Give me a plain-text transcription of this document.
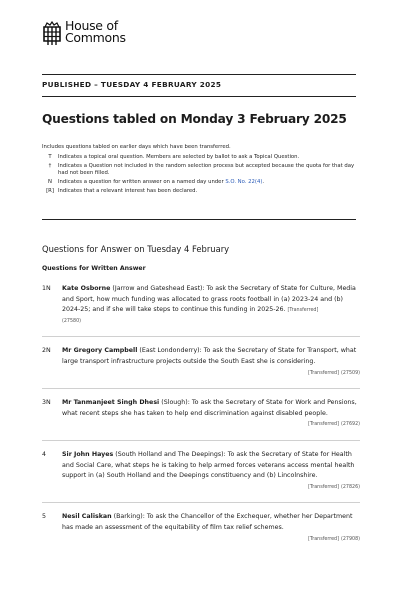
House of
Commons
PUBLISHED – TUESDAY 4 FEBRUARY 2025
Questions tabled on Monday 3 February 2025
Includes questions tabled on earlier days which have been transferred.
T	Indicates a topical oral question. Members are selected by ballot to ask a Topical Question.
†	Indicates a Question not included in the random selection process but accepted because the quota for that day had not been filled.
N	Indicates a question for written answer on a named day under S.O. No. 22(4).
[R] Indicates that a relevant interest has been declared.
Questions for Answer on Tuesday 4 February
Questions for Written Answer
1N	Kate Osborne (Jarrow and Gateshead East): To ask the Secretary of State for Culture, Media and Sport, how much funding was allocated to grass roots football in (a) 2023-24 and (b) 2024-25; and if she will take steps to continue this funding in 2025-26. [Transferred]
(27580)
2N	Mr Gregory Campbell (East Londonderry): To ask the Secretary of State for Transport, what large transport infrastructure projects outside the South East she is considering.
[Transferred] (27509)
3N	Mr Tanmanjeet Singh Dhesi (Slough): To ask the Secretary of State for Work and Pensions, what recent steps she has taken to help end discrimination against disabled people.
[Transferred] (27692)
4	Sir John Hayes (South Holland and The Deepings): To ask the Secretary of State for Health and Social Care, what steps he is taking to help armed forces veterans access mental health support in (a) South Holland and the Deepings constituency and (b) Lincolnshire.
[Transferred] (27826)
5	Nesil Caliskan (Barking): To ask the Chancellor of the Exchequer, whether her Department has made an assessment of the equitability of film tax relief schemes.
[Transferred] (27908)
